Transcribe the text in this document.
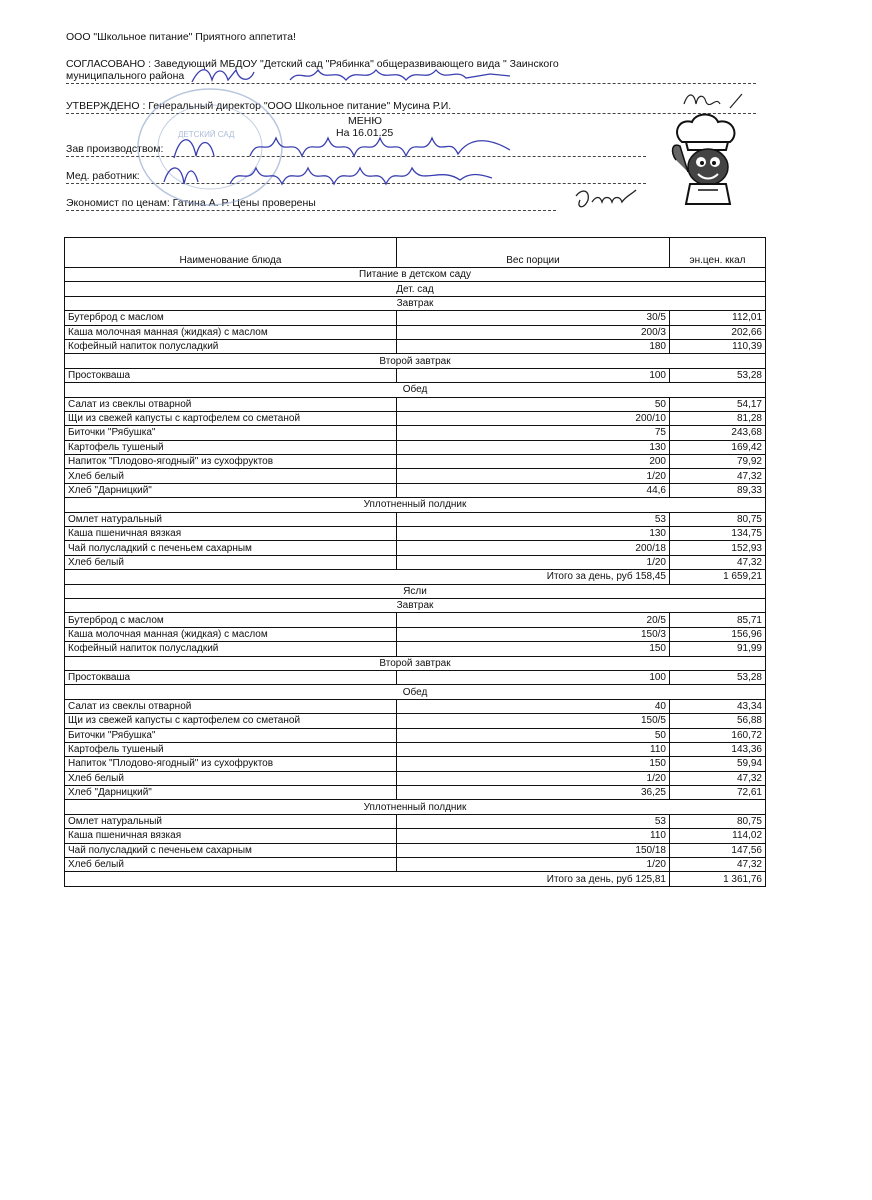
ООО "Школьное питание" Приятного аппетита!
СОГЛАСОВАНО : Заведующий МБДОУ "Детский сад "Рябинка" общеразвивающего вида " Заинского
муниципального района
УТВЕРЖДЕНО : Генеральный директор "ООО Школьное питание" Мусина Р.И.
МЕНЮ
На 16.01.25
Зав производством:
Мед. работник:
Экономист по ценам: Гатина А. Р. Цены проверены
ДЕТСКИЙ САД
Наименование блюда	Вес порции	эн.цен. ккал
Питание в детском саду		
Дет. сад		
Завтрак		
Бутерброд с маслом	30/5	112,01
Каша молочная манная (жидкая) с маслом	200/3	202,66
Кофейный напиток полусладкий	180	110,39
Второй завтрак		
Простокваша	100	53,28
Обед		
Салат из свеклы отварной	50	54,17
Щи из свежей капусты с картофелем со сметаной	200/10	81,28
Биточки "Рябушка"	75	243,68
Картофель тушеный	130	169,42
Напиток "Плодово-ягодный" из сухофруктов	200	79,92
Хлеб белый	1/20	47,32
Хлеб "Дарницкий"	44,6	89,33
Уплотненный полдник		
Омлет натуральный	53	80,75
Каша пшеничная вязкая	130	134,75
Чай полусладкий с печеньем сахарным	200/18	152,93
Хлеб белый	1/20	47,32
	Итого за день, руб 158,45	1 659,21
Ясли		
Завтрак		
Бутерброд с маслом	20/5	85,71
Каша молочная манная (жидкая) с маслом	150/3	156,96
Кофейный напиток полусладкий	150	91,99
Второй завтрак		
Простокваша	100	53,28
Обед		
Салат из свеклы отварной	40	43,34
Щи из свежей капусты с картофелем со сметаной	150/5	56,88
Биточки "Рябушка"	50	160,72
Картофель тушеный	110	143,36
Напиток "Плодово-ягодный" из сухофруктов	150	59,94
Хлеб белый	1/20	47,32
Хлеб "Дарницкий"	36,25	72,61
Уплотненный полдник		
Омлет натуральный	53	80,75
Каша пшеничная вязкая	110	114,02
Чай полусладкий с печеньем сахарным	150/18	147,56
Хлеб белый	1/20	47,32
	Итого за день, руб 125,81	1 361,76
